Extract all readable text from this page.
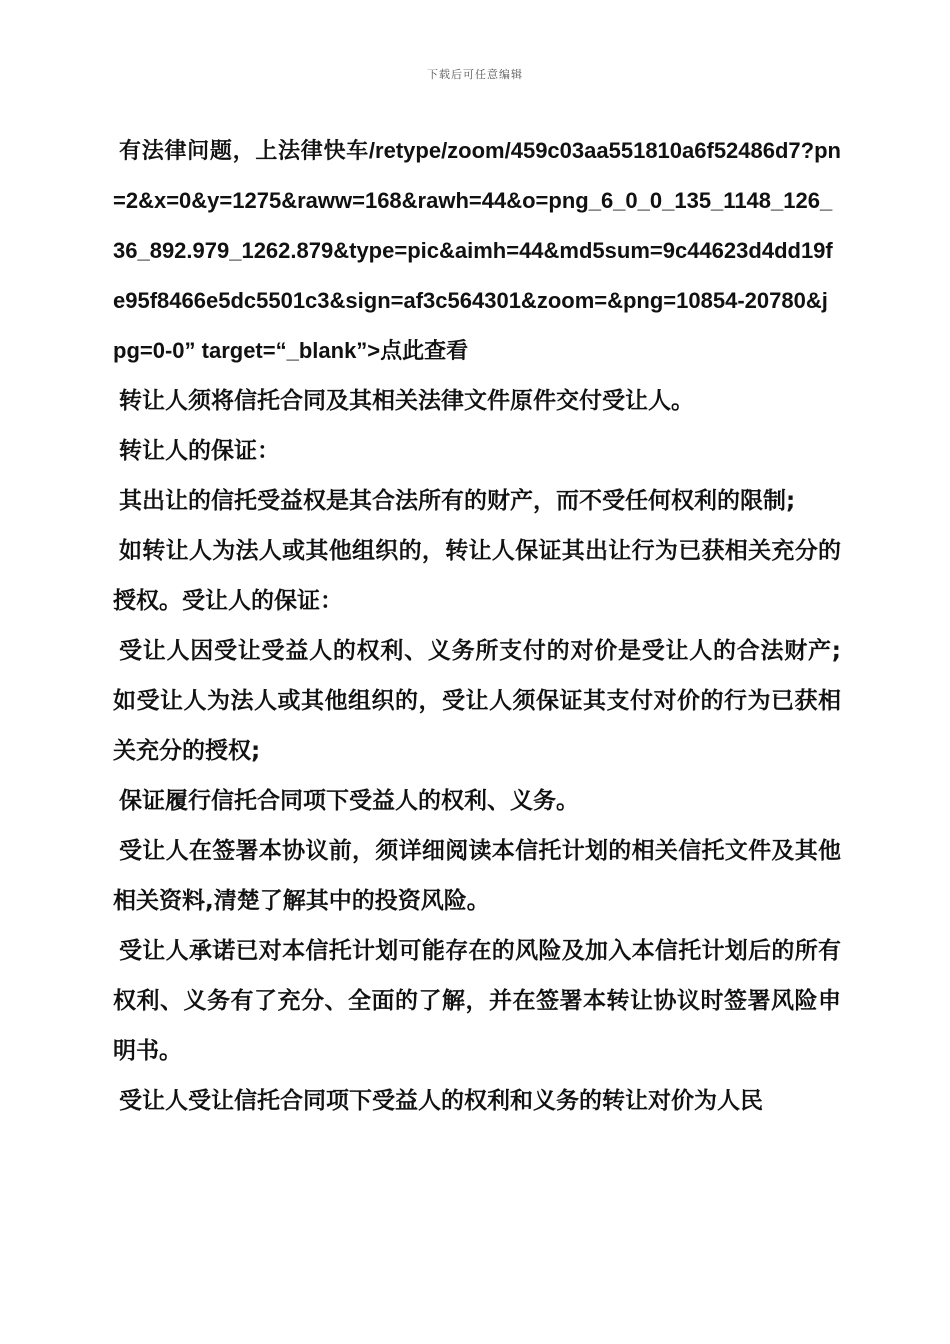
下载后可任意编辑

有法律问题，上法律快车/retype/zoom/459c03aa551810a6f52486d7?pn=2&x=0&y=1275&raww=168&rawh=44&o=png_6_0_0_135_1148_126_36_892.979_1262.879&type=pic&aimh=44&md5sum=9c44623d4dd19fe95f8466e5dc5501c3&sign=af3c564301&zoom=&png=10854-20780&jpg=0-0” target=“_blank”>点此查看

转让人须将信托合同及其相关法律文件原件交付受让人。

转让人的保证：

其出让的信托受益权是其合法所有的财产，而不受任何权利的限制;

如转让人为法人或其他组织的，转让人保证其出让行为已获相关充分的授权。受让人的保证：

受让人因受让受益人的权利、义务所支付的对价是受让人的合法财产;如受让人为法人或其他组织的，受让人须保证其支付对价的行为已获相关充分的授权;

保证履行信托合同项下受益人的权利、义务。

受让人在签署本协议前，须详细阅读本信托计划的相关信托文件及其他相关资料,清楚了解其中的投资风险。

受让人承诺已对本信托计划可能存在的风险及加入本信托计划后的所有权利、义务有了充分、全面的了解，并在签署本转让协议时签署风险申明书。

受让人受让信托合同项下受益人的权利和义务的转让对价为人民
